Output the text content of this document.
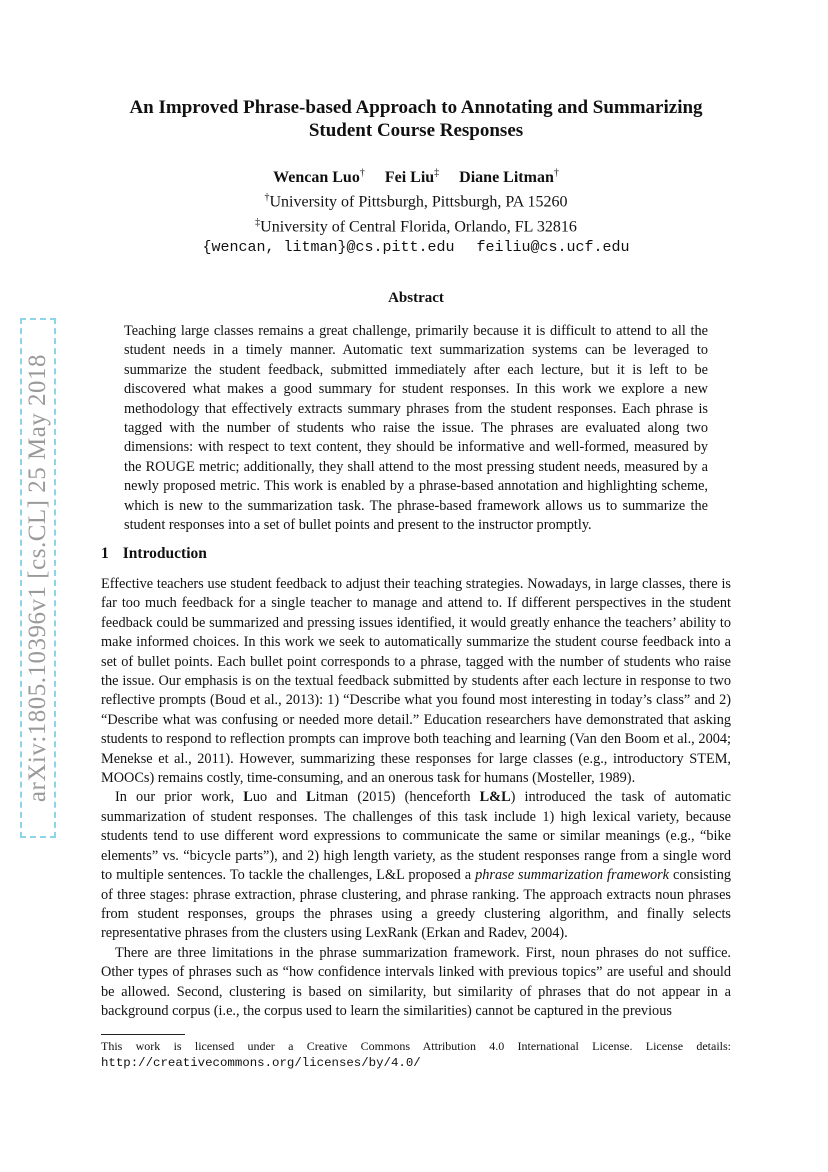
arXiv:1805.10396v1 [cs.CL] 25 May 2018
An Improved Phrase-based Approach to Annotating and Summarizing
Student Course Responses
Wencan Luo† Fei Liu‡ Diane Litman†
†University of Pittsburgh, Pittsburgh, PA 15260
‡University of Central Florida, Orlando, FL 32816
{wencan, litman}@cs.pitt.edu feiliu@cs.ucf.edu
Abstract
Teaching large classes remains a great challenge, primarily because it is difficult to attend to all the student needs in a timely manner. Automatic text summarization systems can be leveraged to summarize the student feedback, submitted immediately after each lecture, but it is left to be discovered what makes a good summary for student responses. In this work we explore a new methodology that effectively extracts summary phrases from the student responses. Each phrase is tagged with the number of students who raise the issue. The phrases are evaluated along two dimensions: with respect to text content, they should be informative and well-formed, measured by the ROUGE metric; additionally, they shall attend to the most pressing student needs, measured by a newly proposed metric. This work is enabled by a phrase-based annotation and highlighting scheme, which is new to the summarization task. The phrase-based framework allows us to summarize the student responses into a set of bullet points and present to the instructor promptly.
1 Introduction

Effective teachers use student feedback to adjust their teaching strategies. Nowadays, in large classes, there is far too much feedback for a single teacher to manage and attend to. If different perspectives in the student feedback could be summarized and pressing issues identified, it would greatly enhance the teachers’ ability to make informed choices. In this work we seek to automatically summarize the student course feedback into a set of bullet points. Each bullet point corresponds to a phrase, tagged with the number of students who raise the issue. Our emphasis is on the textual feedback submitted by students after each lecture in response to two reflective prompts (Boud et al., 2013): 1) “Describe what you found most interesting in today’s class” and 2) “Describe what was confusing or needed more detail.” Education researchers have demonstrated that asking students to respond to reflection prompts can improve both teaching and learning (Van den Boom et al., 2004; Menekse et al., 2011). However, summarizing these responses for large classes (e.g., introductory STEM, MOOCs) remains costly, time-consuming, and an onerous task for humans (Mosteller, 1989).

In our prior work, Luo and Litman (2015) (henceforth L&L) introduced the task of automatic summarization of student responses. The challenges of this task include 1) high lexical variety, because students tend to use different word expressions to communicate the same or similar meanings (e.g., “bike elements” vs. “bicycle parts”), and 2) high length variety, as the student responses range from a single word to multiple sentences. To tackle the challenges, L&L proposed a phrase summarization framework consisting of three stages: phrase extraction, phrase clustering, and phrase ranking. The approach extracts noun phrases from student responses, groups the phrases using a greedy clustering algorithm, and finally selects representative phrases from the clusters using LexRank (Erkan and Radev, 2004).

There are three limitations in the phrase summarization framework. First, noun phrases do not suffice. Other types of phrases such as “how confidence intervals linked with previous topics” are useful and should be allowed. Second, clustering is based on similarity, but similarity of phrases that do not appear in a background corpus (i.e., the corpus used to learn the similarities) cannot be captured in the previous

This work is licensed under a Creative Commons Attribution 4.0 International License. License details: http://creativecommons.org/licenses/by/4.0/
